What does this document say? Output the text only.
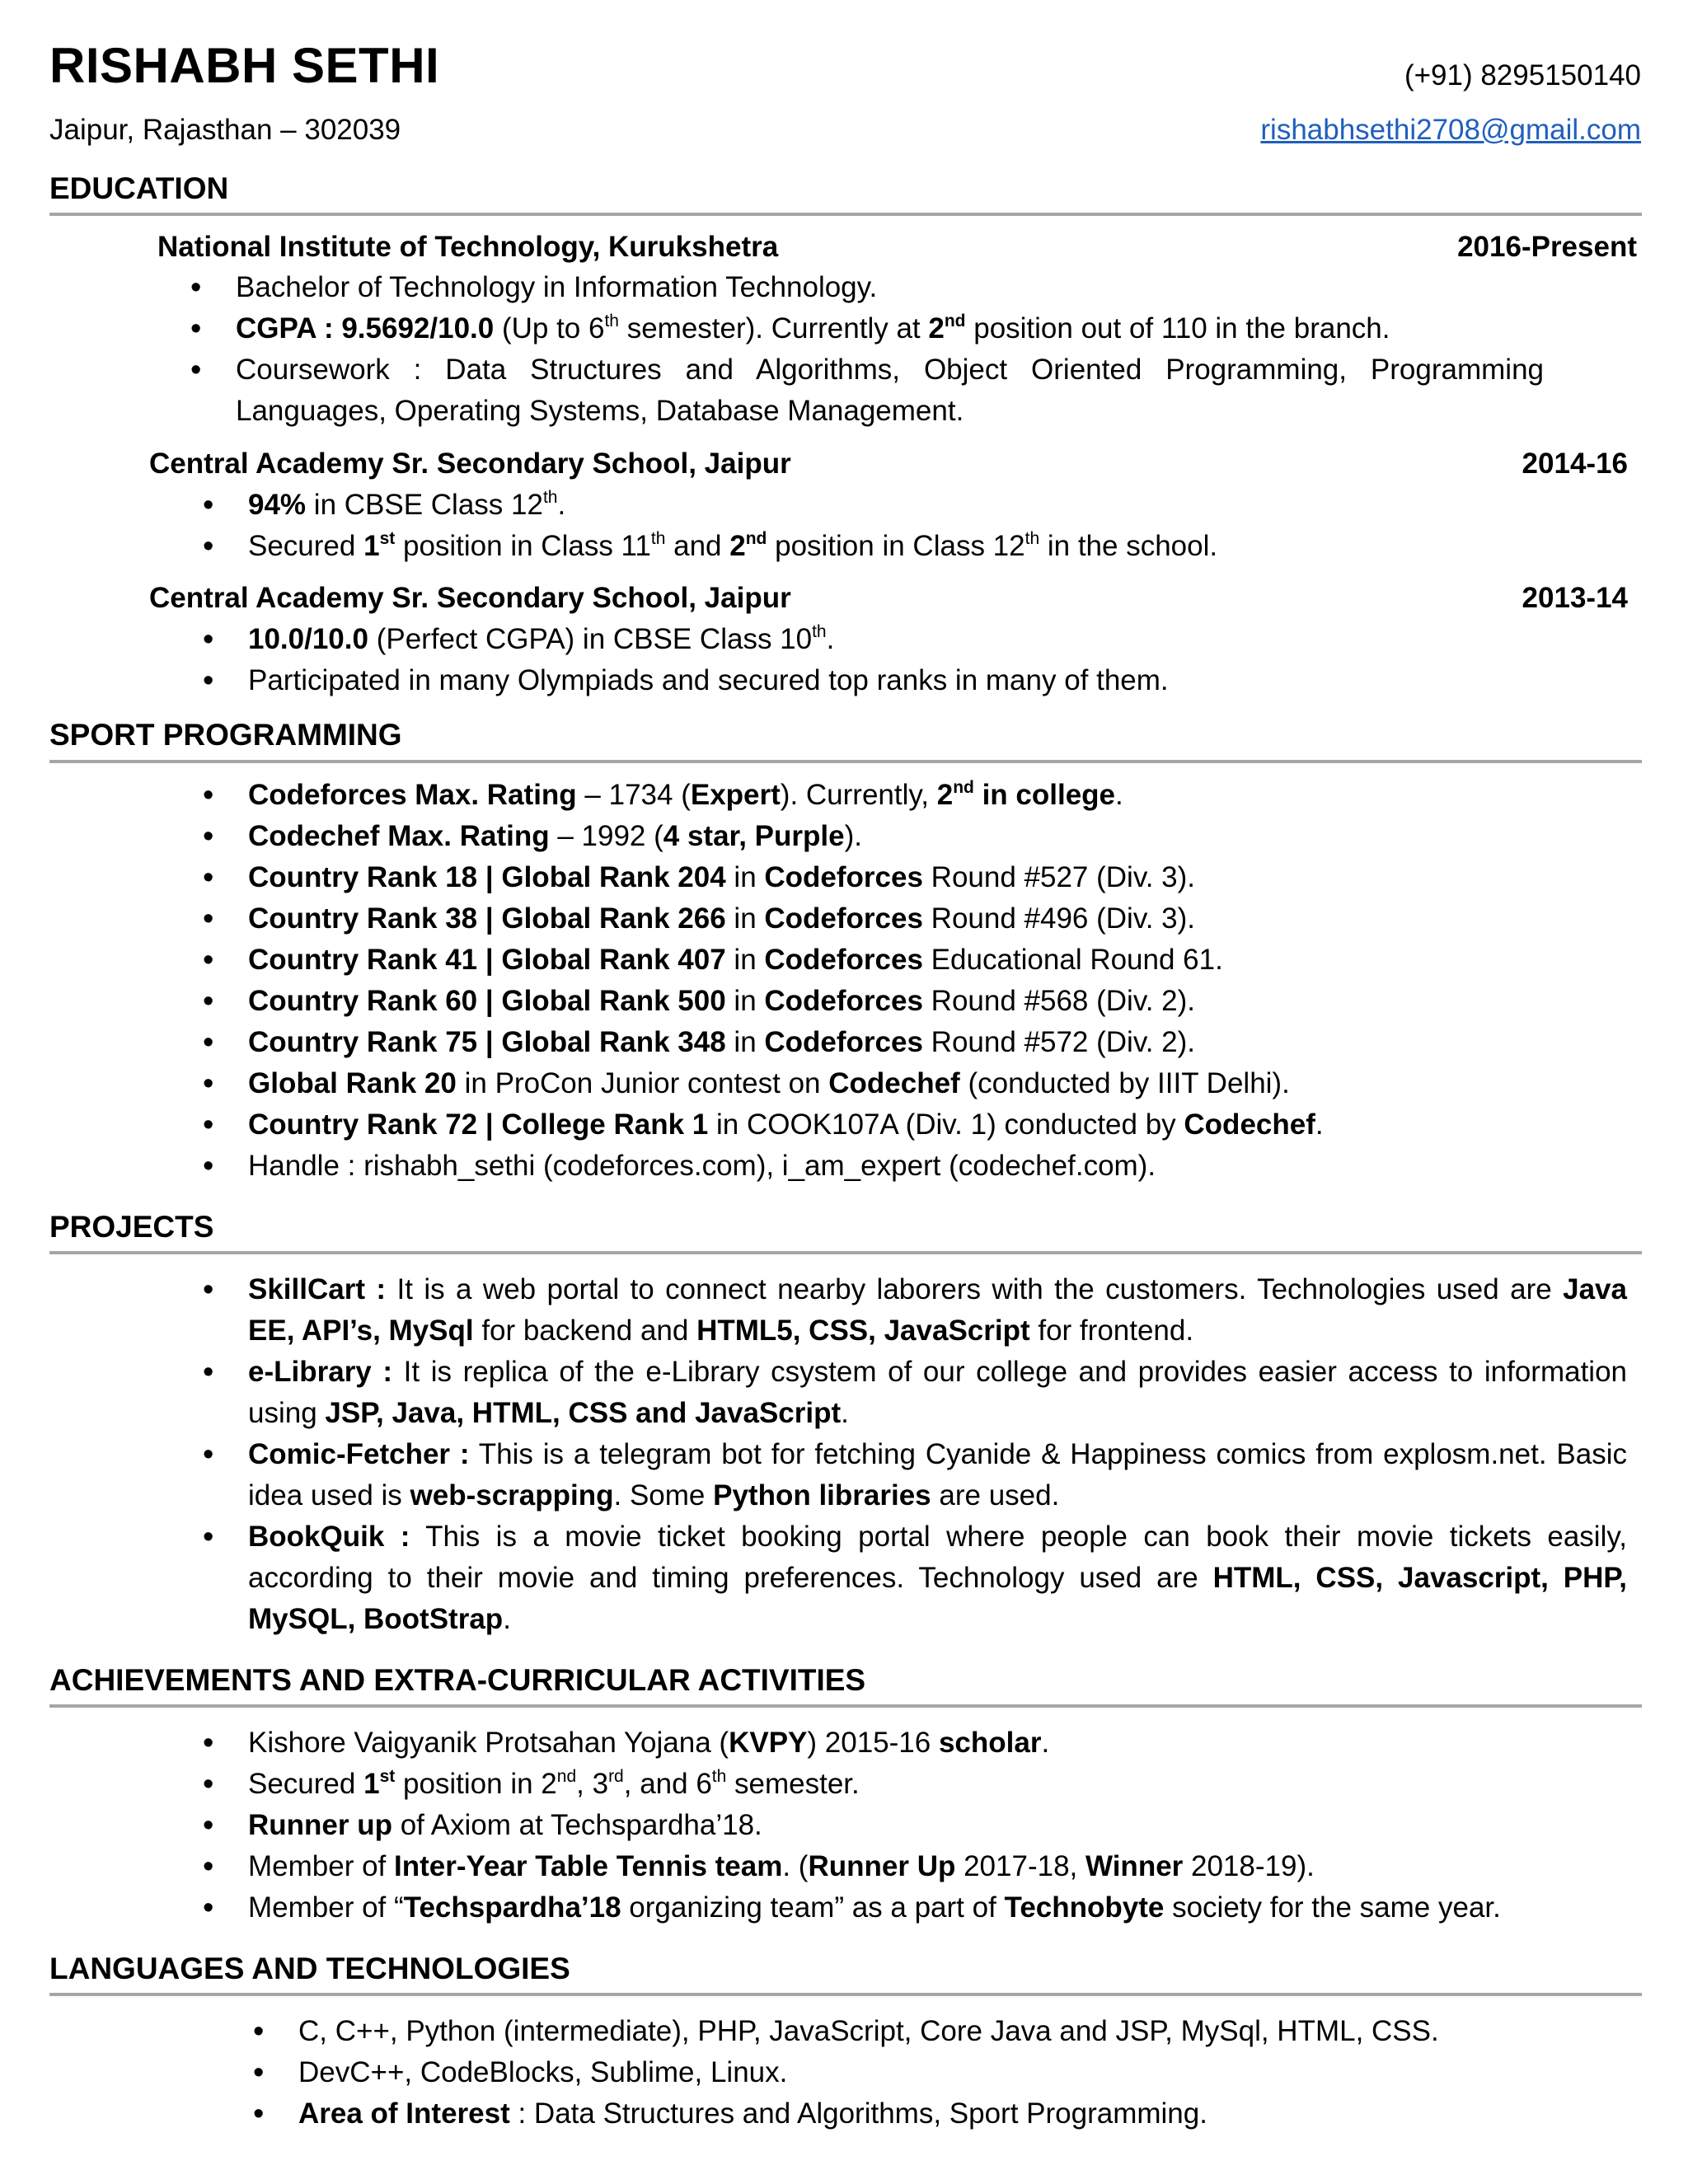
RISHABH SETHI	(+91) 8295150140
Jaipur, Rajasthan – 302039	rishabhsethi2708@gmail.com
EDUCATION
National Institute of Technology, Kurukshetra	2016-Present
• Bachelor of Technology in Information Technology.
• CGPA : 9.5692/10.0 (Up to 6th semester). Currently at 2nd position out of 110 in the branch.
• Coursework : Data Structures and Algorithms, Object Oriented Programming, Programming Languages, Operating Systems, Database Management.
Central Academy Sr. Secondary School, Jaipur	2014-16
• 94% in CBSE Class 12th.
• Secured 1st position in Class 11th and 2nd position in Class 12th in the school.
Central Academy Sr. Secondary School, Jaipur	2013-14
• 10.0/10.0 (Perfect CGPA) in CBSE Class 10th.
• Participated in many Olympiads and secured top ranks in many of them.
SPORT PROGRAMMING
• Codeforces Max. Rating – 1734 (Expert). Currently, 2nd in college.
• Codechef Max. Rating – 1992 (4 star, Purple).
• Country Rank 18 | Global Rank 204 in Codeforces Round #527 (Div. 3).
• Country Rank 38 | Global Rank 266 in Codeforces Round #496 (Div. 3).
• Country Rank 41 | Global Rank 407 in Codeforces Educational Round 61.
• Country Rank 60 | Global Rank 500 in Codeforces Round #568 (Div. 2).
• Country Rank 75 | Global Rank 348 in Codeforces Round #572 (Div. 2).
• Global Rank 20 in ProCon Junior contest on Codechef (conducted by IIIT Delhi).
• Country Rank 72 | College Rank 1 in COOK107A (Div. 1) conducted by Codechef.
• Handle : rishabh_sethi (codeforces.com), i_am_expert (codechef.com).
PROJECTS
• SkillCart : It is a web portal to connect nearby laborers with the customers. Technologies used are Java EE, API’s, MySql for backend and HTML5, CSS, JavaScript for frontend.
• e-Library : It is replica of the e-Library csystem of our college and provides easier access to information using JSP, Java, HTML, CSS and JavaScript.
• Comic-Fetcher : This is a telegram bot for fetching Cyanide & Happiness comics from explosm.net. Basic idea used is web-scrapping. Some Python libraries are used.
• BookQuik : This is a movie ticket booking portal where people can book their movie tickets easily, according to their movie and timing preferences. Technology used are HTML, CSS, Javascript, PHP, MySQL, BootStrap.
ACHIEVEMENTS AND EXTRA-CURRICULAR ACTIVITIES
• Kishore Vaigyanik Protsahan Yojana (KVPY) 2015-16 scholar.
• Secured 1st position in 2nd, 3rd, and 6th semester.
• Runner up of Axiom at Techspardha’18.
• Member of Inter-Year Table Tennis team. (Runner Up 2017-18, Winner 2018-19).
• Member of “Techspardha’18 organizing team” as a part of Technobyte society for the same year.
LANGUAGES AND TECHNOLOGIES
• C, C++, Python (intermediate), PHP, JavaScript, Core Java and JSP, MySql, HTML, CSS.
• DevC++, CodeBlocks, Sublime, Linux.
• Area of Interest : Data Structures and Algorithms, Sport Programming.
